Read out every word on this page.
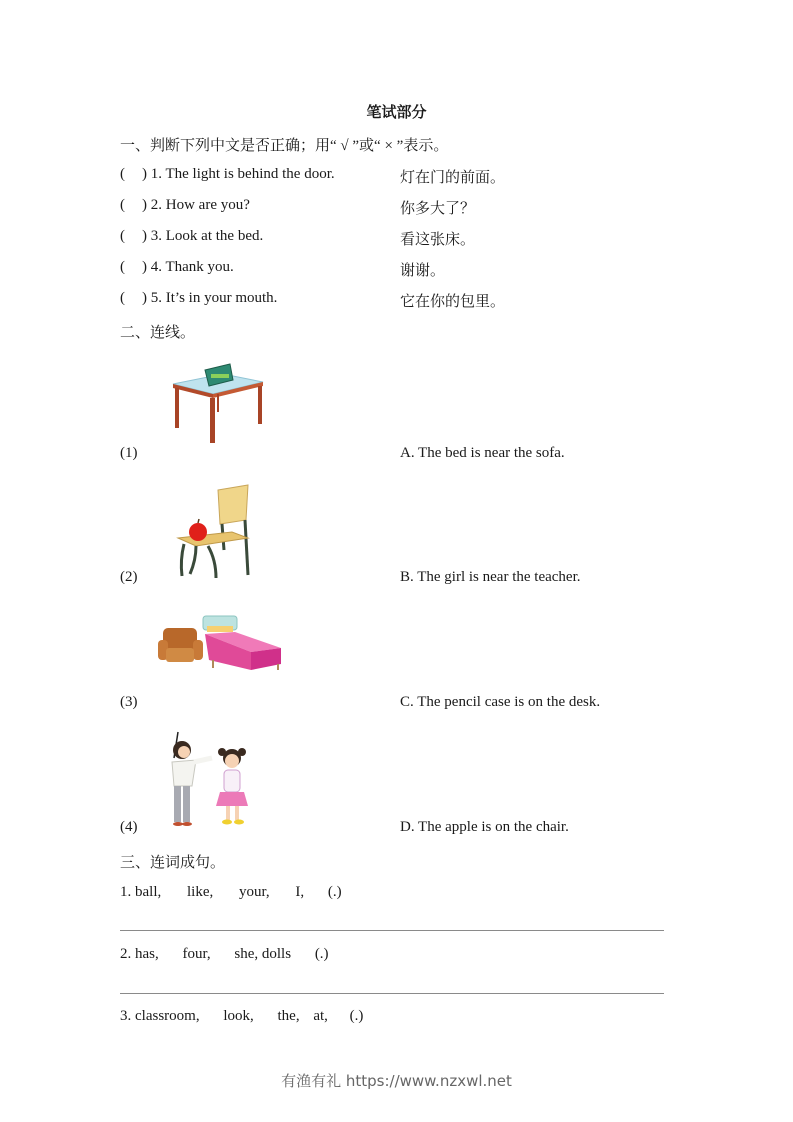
笔试部分
一、判断下列中文是否正确；用“ √ ”或“ × ”表示。
( ) 1. The light is behind the door.	灯在门的前面。
( ) 2. How are you?	你多大了？
( ) 3. Look at the bed.	看这张床。
( ) 4. Thank you.	谢谢。
( ) 5. It’s in your mouth.	它在你的包里。
二、连线。
(1)	A. The bed is near the sofa.
(2)	B. The girl is near the teacher.
(3)	C. The pencil case is on the desk.
(4)	D. The apple is on the chair.
三、连词成句。
1. ball, like, your, I, (.)
2. has, four, she, dolls (.)
3. classroom, look, the, at, (.)
有渔有礼 https://www.nzxwl.net
